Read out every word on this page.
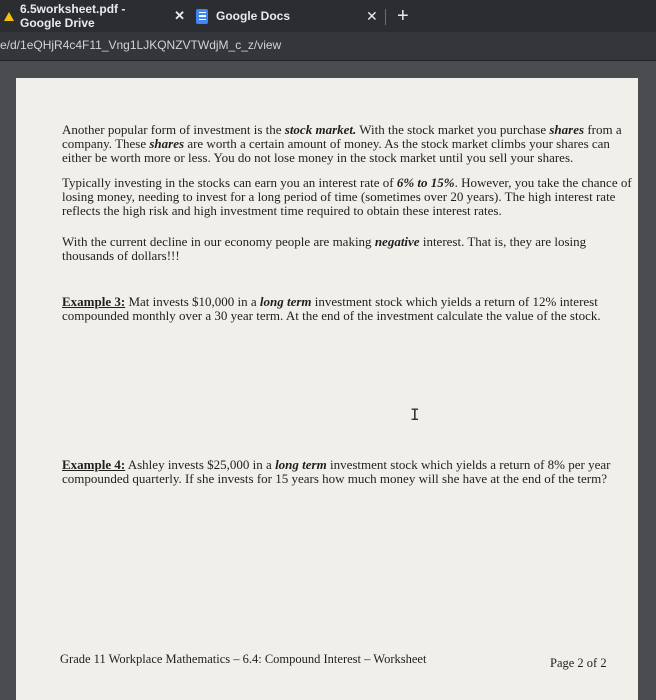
6.5worksheet.pdf - Google Drive	✕	Google Docs	✕ +
e/d/1eQHjR4c4F11_Vng1LJKQNZVTWdjM_c_z/view
Another popular form of investment is the stock market. With the stock market you purchase shares from a company. These shares are worth a certain amount of money. As the stock market climbs your shares can either be worth more or less. You do not lose money in the stock market until you sell your shares.
Typically investing in the stocks can earn you an interest rate of 6% to 15%. However, you take the chance of losing money, needing to invest for a long period of time (sometimes over 20 years). The high interest rate reflects the high risk and high investment time required to obtain these interest rates.
With the current decline in our economy people are making negative interest. That is, they are losing thousands of dollars!!!
Example 3: Mat invests $10,000 in a long term investment stock which yields a return of 12% interest compounded monthly over a 30 year term. At the end of the investment calculate the value of the stock.
I
Example 4: Ashley invests $25,000 in a long term investment stock which yields a return of 8% per year compounded quarterly. If she invests for 15 years how much money will she have at the end of the term?
Grade 11 Workplace Mathematics – 6.4: Compound Interest – Worksheet	Page 2 of 2
